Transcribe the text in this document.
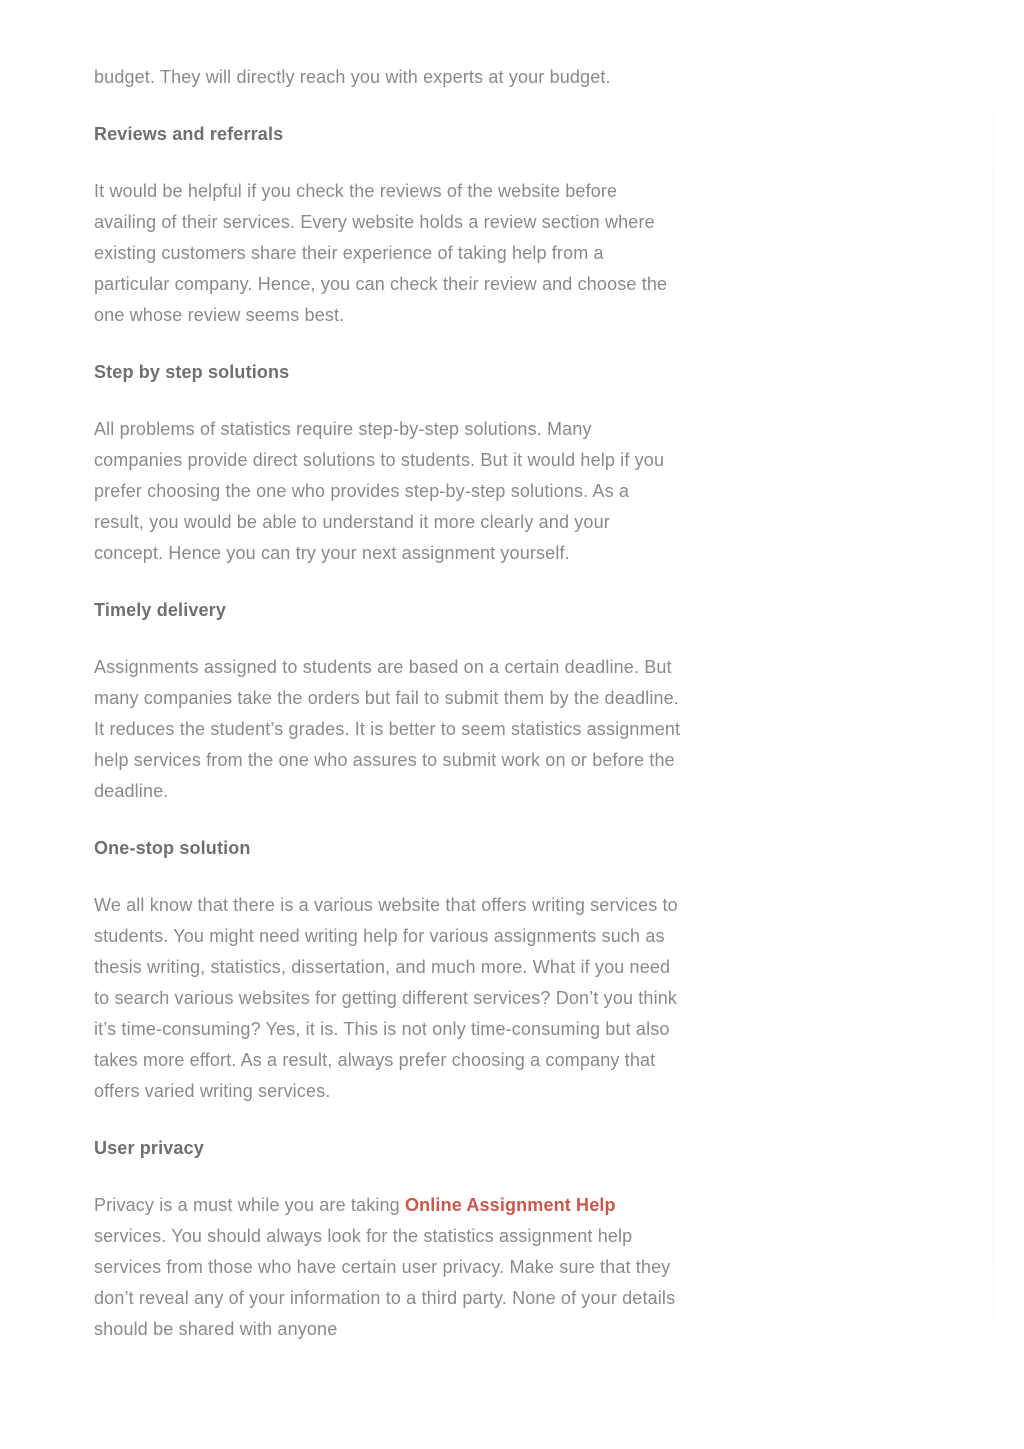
budget. They will directly reach you with experts at your budget.

Reviews and referrals

It would be helpful if you check the reviews of the website before availing of their services. Every website holds a review section where existing customers share their experience of taking help from a particular company. Hence, you can check their review and choose the one whose review seems best.

Step by step solutions

All problems of statistics require step-by-step solutions. Many companies provide direct solutions to students. But it would help if you prefer choosing the one who provides step-by-step solutions. As a result, you would be able to understand it more clearly and your concept. Hence you can try your next assignment yourself.

Timely delivery

Assignments assigned to students are based on a certain deadline. But many companies take the orders but fail to submit them by the deadline. It reduces the student’s grades. It is better to seem statistics assignment help services from the one who assures to submit work on or before the deadline.

One-stop solution

We all know that there is a various website that offers writing services to students. You might need writing help for various assignments such as thesis writing, statistics, dissertation, and much more. What if you need to search various websites for getting different services? Don’t you think it’s time-consuming? Yes, it is. This is not only time-consuming but also takes more effort. As a result, always prefer choosing a company that offers varied writing services.

User privacy

Privacy is a must while you are taking Online Assignment Help services. You should always look for the statistics assignment help services from those who have certain user privacy. Make sure that they don’t reveal any of your information to a third party. None of your details should be shared with anyone
